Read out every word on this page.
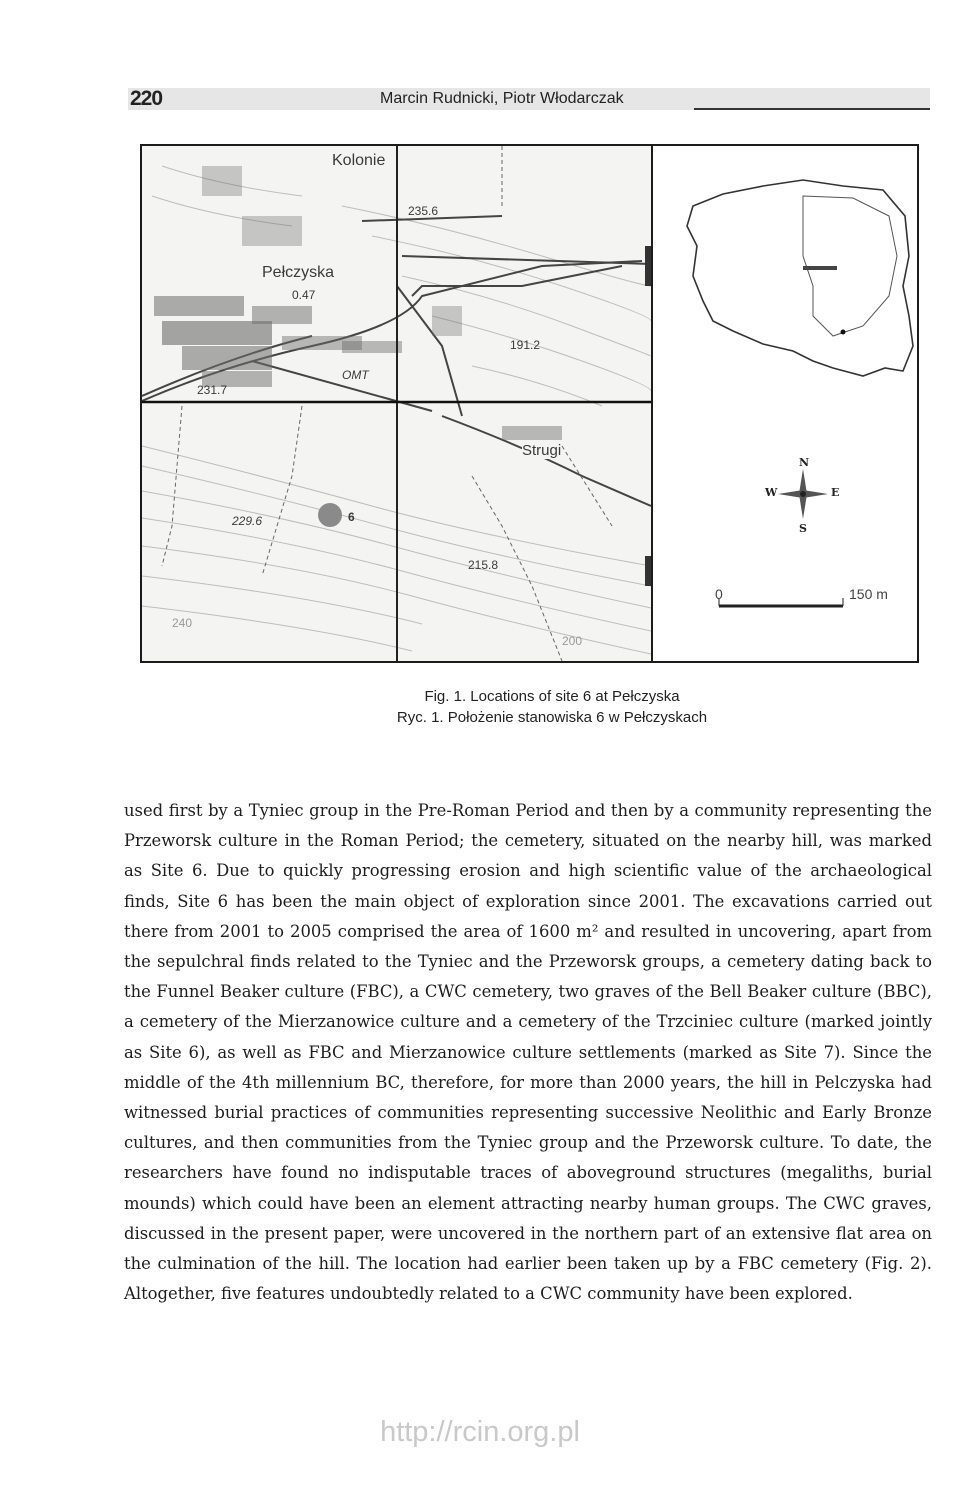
220	Marcin Rudnicki, Piotr Włodarczak
Kolonie
Pełczyska
Strugi
6
235.6
0.47
191.2
231.7
229.6
215.8
240
200
OMT
N
S
E
W
0	150 m
Fig. 1. Locations of site 6 at Pełczyska
Ryc. 1. Położenie stanowiska 6 w Pełczyskach

used first by a Tyniec group in the Pre-Roman Period and then by a community representing the Przeworsk culture in the Roman Period; the cemetery, situated on the nearby hill, was marked as Site 6. Due to quickly progressing erosion and high scientific value of the archaeological finds, Site 6 has been the main object of exploration since 2001. The excavations carried out there from 2001 to 2005 comprised the area of 1600 m² and resulted in uncovering, apart from the sepulchral finds related to the Tyniec and the Przeworsk groups, a cemetery dating back to the Funnel Beaker culture (FBC), a CWC cemetery, two graves of the Bell Beaker culture (BBC), a cemetery of the Mierzanowice culture and a cemetery of the Trzciniec culture (marked jointly as Site 6), as well as FBC and Mierzanowice culture settlements (marked as Site 7). Since the middle of the 4th millennium BC, therefore, for more than 2000 years, the hill in Pelczyska had witnessed burial practices of communities representing successive Neolithic and Early Bronze cultures, and then communities from the Tyniec group and the Przeworsk culture. To date, the researchers have found no indisputable traces of aboveground structures (megaliths, burial mounds) which could have been an element attracting nearby human groups. The CWC graves, discussed in the present paper, were uncovered in the northern part of an extensive flat area on the culmination of the hill. The location had earlier been taken up by a FBC cemetery (Fig. 2). Altogether, five features undoubtedly related to a CWC community have been explored.

http://rcin.org.pl
